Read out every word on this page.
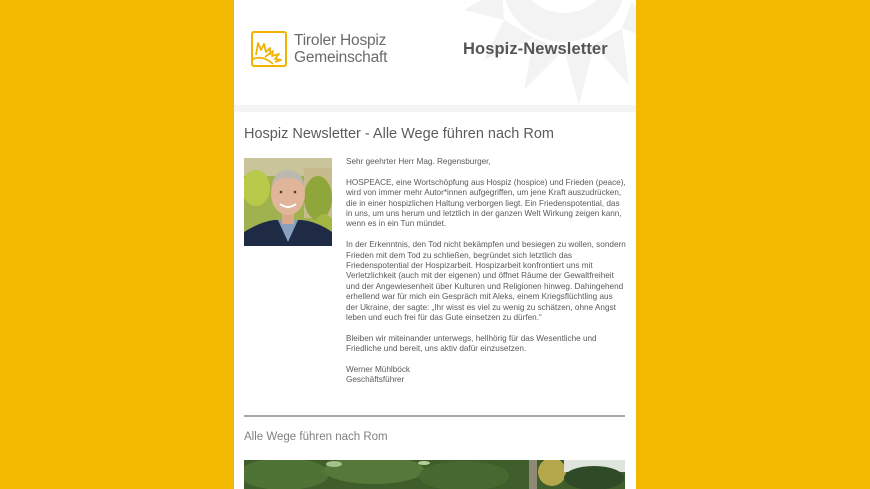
Tiroler Hospiz
Gemeinschaft	Hospiz-Newsletter
Hospiz Newsletter - Alle Wege führen nach Rom

Sehr geehrter Herr Mag. Regensburger,

HOSPEACE, eine Wortschöpfung aus Hospiz (hospice) und Frieden (peace), wird von immer mehr Autor*innen aufgegriffen, um jene Kraft auszudrücken, die in einer hospizlichen Haltung verborgen liegt. Ein Friedenspotential, das in uns, um uns herum und letztlich in der ganzen Welt Wirkung zeigen kann, wenn es in ein Tun mündet.

In der Erkenntnis, den Tod nicht bekämpfen und besiegen zu wollen, sondern Frieden mit dem Tod zu schließen, begründet sich letztlich das Friedenspotential der Hospizarbeit. Hospizarbeit konfrontiert uns mit Verletzlichkeit (auch mit der eigenen) und öffnet Räume der Gewaltfreiheit und der Angewiesenheit über Kulturen und Religionen hinweg. Dahingehend erhellend war für mich ein Gespräch mit Aleks, einem Kriegsflüchtling aus der Ukraine, der sagte: „Ihr wisst es viel zu wenig zu schätzen, ohne Angst leben und euch frei für das Gute einsetzen zu dürfen.“

Bleiben wir miteinander unterwegs, hellhörig für das Wesentliche und Friedliche und bereit, uns aktiv dafür einzusetzen.

Werner Mühlböck
Geschäftsführer

Alle Wege führen nach Rom
